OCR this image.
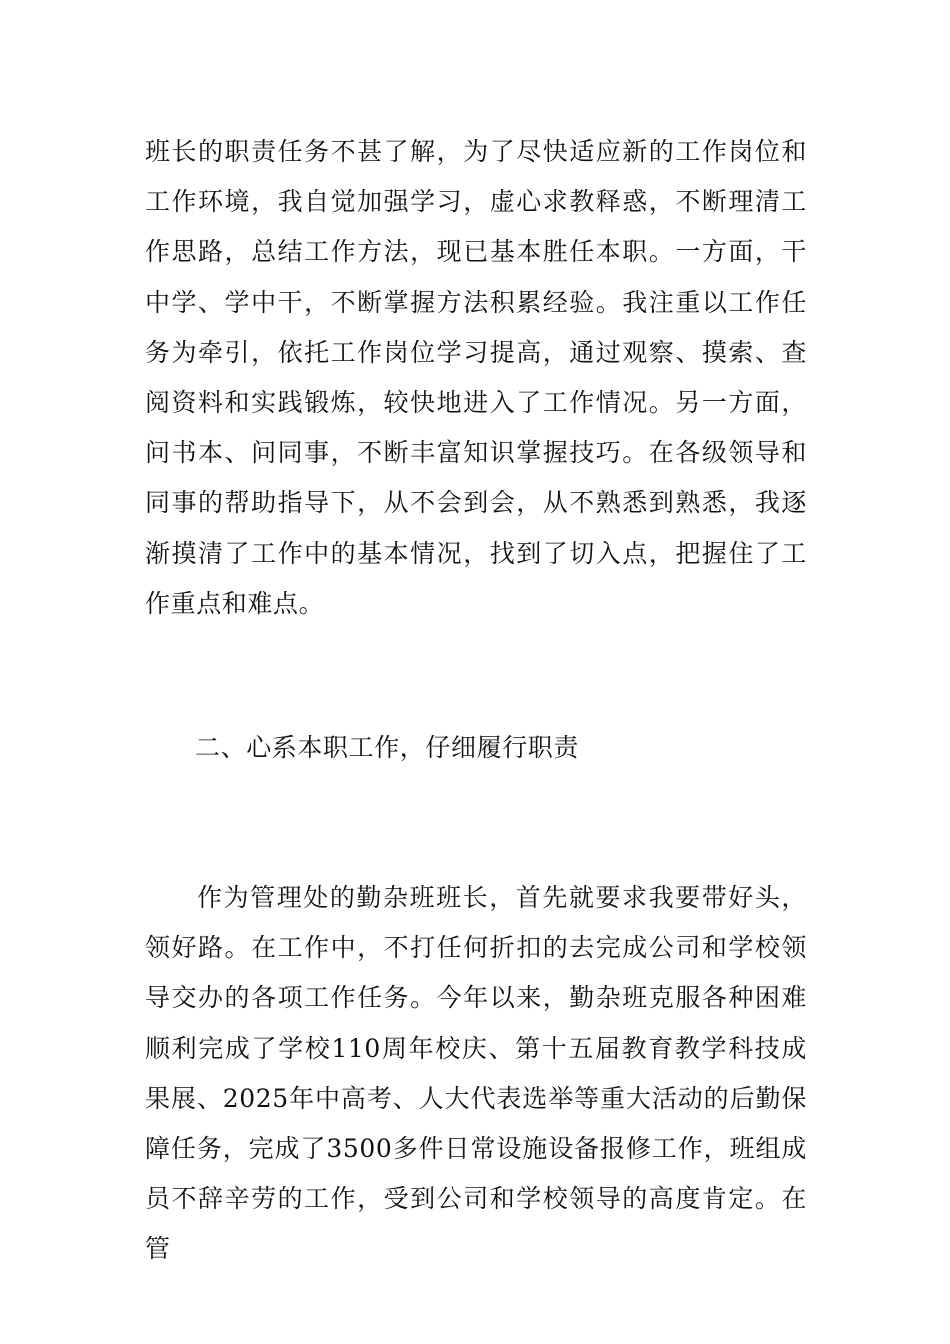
班长的职责任务不甚了解，为了尽快适应新的工作岗位和工作环境，我自觉加强学习，虚心求教释惑，不断理清工作思路，总结工作方法，现已基本胜任本职。一方面，干中学、学中干，不断掌握方法积累经验。我注重以工作任务为牵引，依托工作岗位学习提高，通过观察、摸索、查阅资料和实践锻炼，较快地进入了工作情况。另一方面，问书本、问同事，不断丰富知识掌握技巧。在各级领导和同事的帮助指导下，从不会到会，从不熟悉到熟悉，我逐渐摸清了工作中的基本情况，找到了切入点，把握住了工作重点和难点。

二、心系本职工作，仔细履行职责

作为管理处的勤杂班班长，首先就要求我要带好头，领好路。在工作中，不打任何折扣的去完成公司和学校领导交办的各项工作任务。今年以来，勤杂班克服各种困难顺利完成了学校110周年校庆、第十五届教育教学科技成果展、2025年中高考、人大代表选举等重大活动的后勤保障任务，完成了3500多件日常设施设备报修工作，班组成员不辞辛劳的工作，受到公司和学校领导的高度肯定。在管
